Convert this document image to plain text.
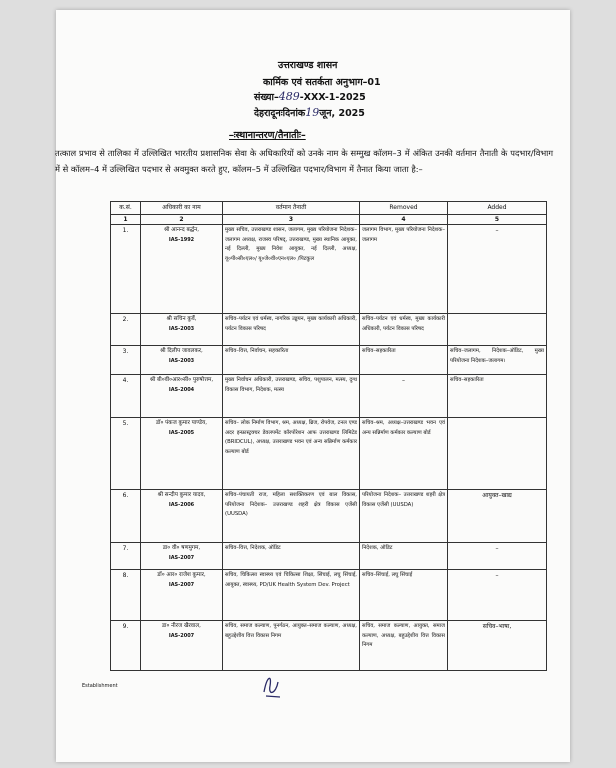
उत्तराखण्ड शासन
कार्मिक एवं सतर्कता अनुभाग–01
संख्या–489-XXX-1-2025
देहरादूनःदिनांक19जून, 2025
–ःस्थानान्तरण/तैनातीः–
तत्काल प्रभाव से तालिका में उल्लिखित भारतीय प्रशासनिक सेवा के अधिकारियों को उनके नाम के सम्मुख कॉलम–3 में अंकित उनकी वर्तमान तैनाती के पदभार/विभाग में से कॉलम–4 में उल्लिखित पदभार से अवमुक्त करते हुए, कॉलम–5 में उल्लिखित पदभार/विभाग में तैनात किया जाता है:–
क.सं.	अधिकारी का नाम	वर्तमान तैनाती	Removed	Added
1	2	3	4	5
1.	श्री आनन्द बर्द्धन,
IAS-1992	मुख्य सचिव, उत्तराखण्ड शासन, जलागम, मुख्य परियोजना निदेशक–जलागम अध्यक्ष, राजस्व परिषद्, उत्तराखण्ड, मुख्य स्थानिक आयुक्त, नई दिल्ली, मुख्य निवेश आयुक्त, नई दिल्ली, अध्यक्ष, यू०पी०सी०एल०/ यू०जे०वी०एन०एल० /पिटकुल	जलागम विभाग, मुख्य परियोजना निदेशक–जलागम	–
2.	श्री सचिन कुर्वे,
IAS-2003	सचिव–पर्यटन एवं धर्मस्व, नागरिक उड्डयन, मुख्य कार्यकारी अधिकारी, पर्यटन विकास परिषद	सचिव–पर्यटन एवं धर्मस्व, मुख्य कार्यकारी अधिकारी, पर्यटन विकास परिषद	
3.	श्री दिलीप जावलकर,
IAS-2003	सचिव–वित्त, निर्वाचन, सहकारिता	सचिव–सहकारिता	सचिव–जलागम, निदेशक–ऑडिट, मुख्य परियोजना निदेशक–जलागम।
4.	श्री बी०वी०आर०सी० पुरुषोत्तम,
IAS-2004	मुख्य निर्वाचन अधिकारी, उत्तराखण्ड, सचिव, पशुपालन, मत्स्य, दुग्ध विकास विभाग, निदेशक, मत्स्य	–	सचिव–सहकारिता
5.	डॉ० पंकज कुमार पाण्डेय,
IAS-2005	सचिव– लोक निर्माण विभाग, श्रम, अध्यक्ष, ब्रिज, रोपवेज, टनल एण्ड अदर इन्फ्रास्ट्रक्चर डेवलपमेंट कॉरपोरेशन आफ उत्तराखण्ड लिमिटेड (BRIDCUL), अध्यक्ष, उत्तराखण्ड भवन एवं अन्य सन्निर्माण कर्मकार कल्याण बोर्ड	सचिव–श्रम, अध्यक्ष–उत्तराखण्ड भवन एवं अन्य सन्निर्माण कर्मकार कल्याण बोर्ड	
6.	श्री सन्दीप कुमार यादव,
IAS-2006	सचिव–पंचायती राज, महिला सशक्तिकरण एवं बाल विकास, परियोजना निदेशक– उत्तराखण्ड शहरी क्षेत्र विकास एजेंसी (UUSDA)	परियोजना निदेशक– उत्तराखण्ड शहरी क्षेत्र विकास एजेंसी (UUSDA)	आयुक्त–खाद्य
7.	डा० वी० षणमुगम,
IAS-2007	सचिव–वित्त, निदेशक, ऑडिट	निदेशक, ऑडिट	–
8.	डॉ० आर० राजेश कुमार,
IAS-2007	सचिव, चिकित्सा स्वास्थ्य एवं चिकित्सा शिक्षा, सिंचाई, लघु सिंचाई, आयुक्त, स्वास्थ्य, PD/UK Health System Dev. Project	सचिव–सिंचाई, लघु सिंचाई	–
9.	डा० नीरज खैरवाल,
IAS-2007	सचिव, समाज कल्याण, पुनर्गठन, आयुक्त–समाज कल्याण, अध्यक्ष, बहुउद्देशीय वित्त विकास निगम	सचिव, समाज कल्याण, आयुक्त, समाज कल्याण, अध्यक्ष, बहुउद्देशीय वित्त विकास निगम	सचिव–भाषा,
Establishment
